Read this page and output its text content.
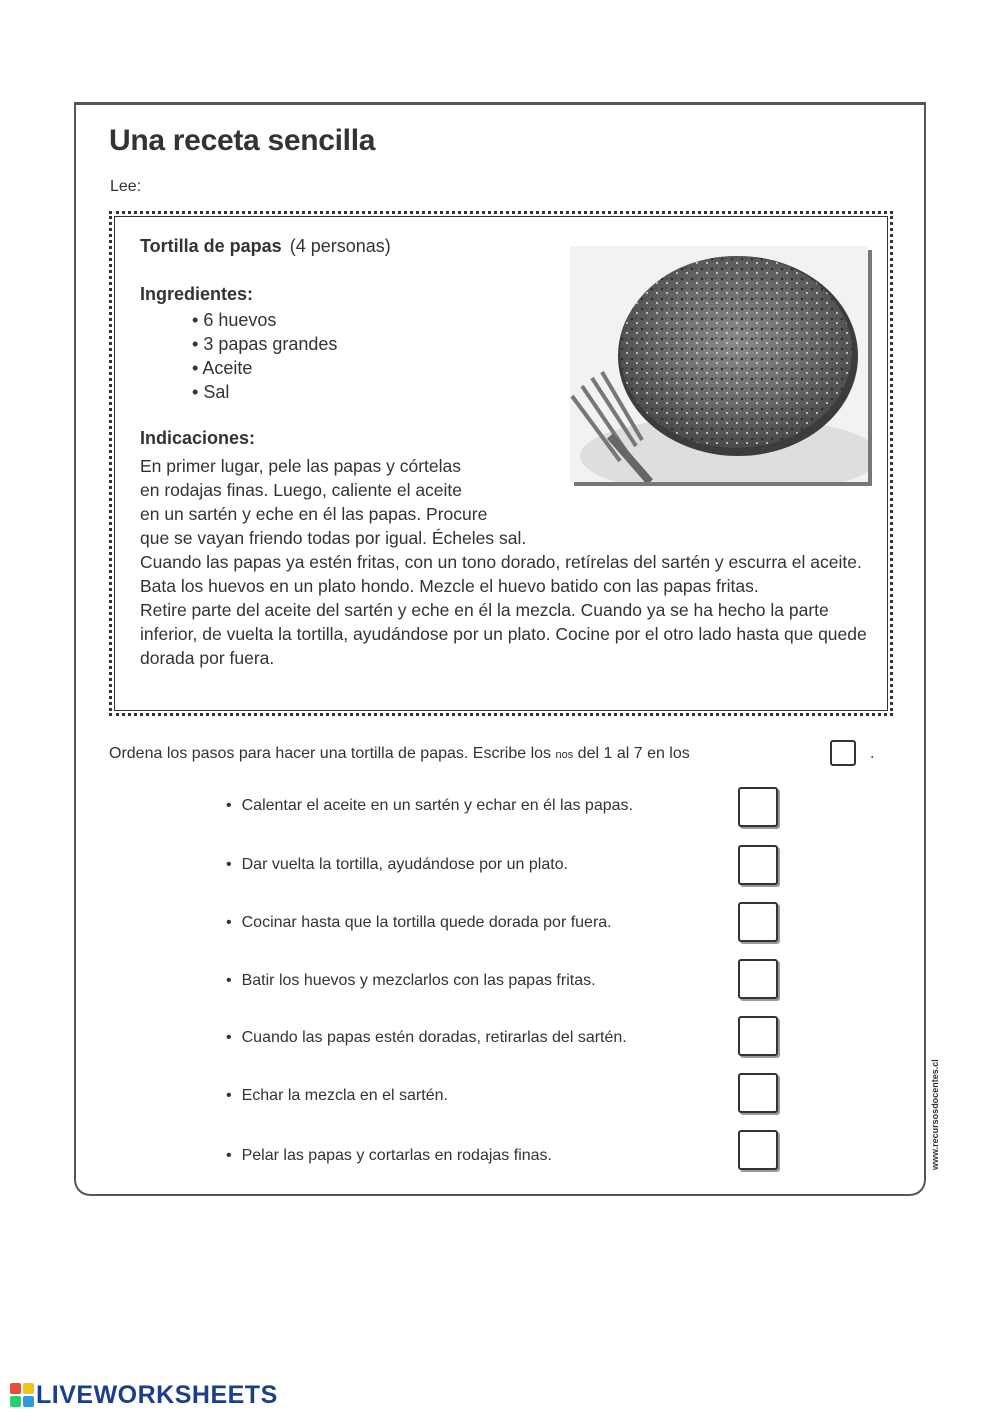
Una receta sencilla
Lee:
Tortilla de papas (4 personas)
Ingredientes:
• 6 huevos
• 3 papas grandes
• Aceite
• Sal
Indicaciones:

En primer lugar, pele las papas y córtelas

en rodajas finas. Luego, caliente el aceite

en un sartén y eche en él las papas. Procure

que se vayan friendo todas por igual. Écheles sal.

Cuando las papas ya estén fritas, con un tono dorado, retírelas del sartén y escurra el aceite. Bata los huevos en un plato hondo. Mezcle el huevo batido con las papas fritas.

Retire parte del aceite del sartén y eche en él la mezcla. Cuando ya se ha hecho la parte inferior, de vuelta la tortilla, ayudándose por un plato. Cocine por el otro lado hasta que quede dorada por fuera.

Ordena los pasos para hacer una tortilla de papas. Escribe los nos del 1 al 7 en los	.
• Calentar el aceite en un sartén y echar en él las papas.
• Dar vuelta la tortilla, ayudándose por un plato.
• Cocinar hasta que la tortilla quede dorada por fuera.
• Batir los huevos y mezclarlos con las papas fritas.
• Cuando las papas estén doradas, retirarlas del sartén.
• Echar la mezcla en el sartén.
• Pelar las papas y cortarlas en rodajas finas.	www.recursosdocentes.cl
LIVEWORKSHEETS
